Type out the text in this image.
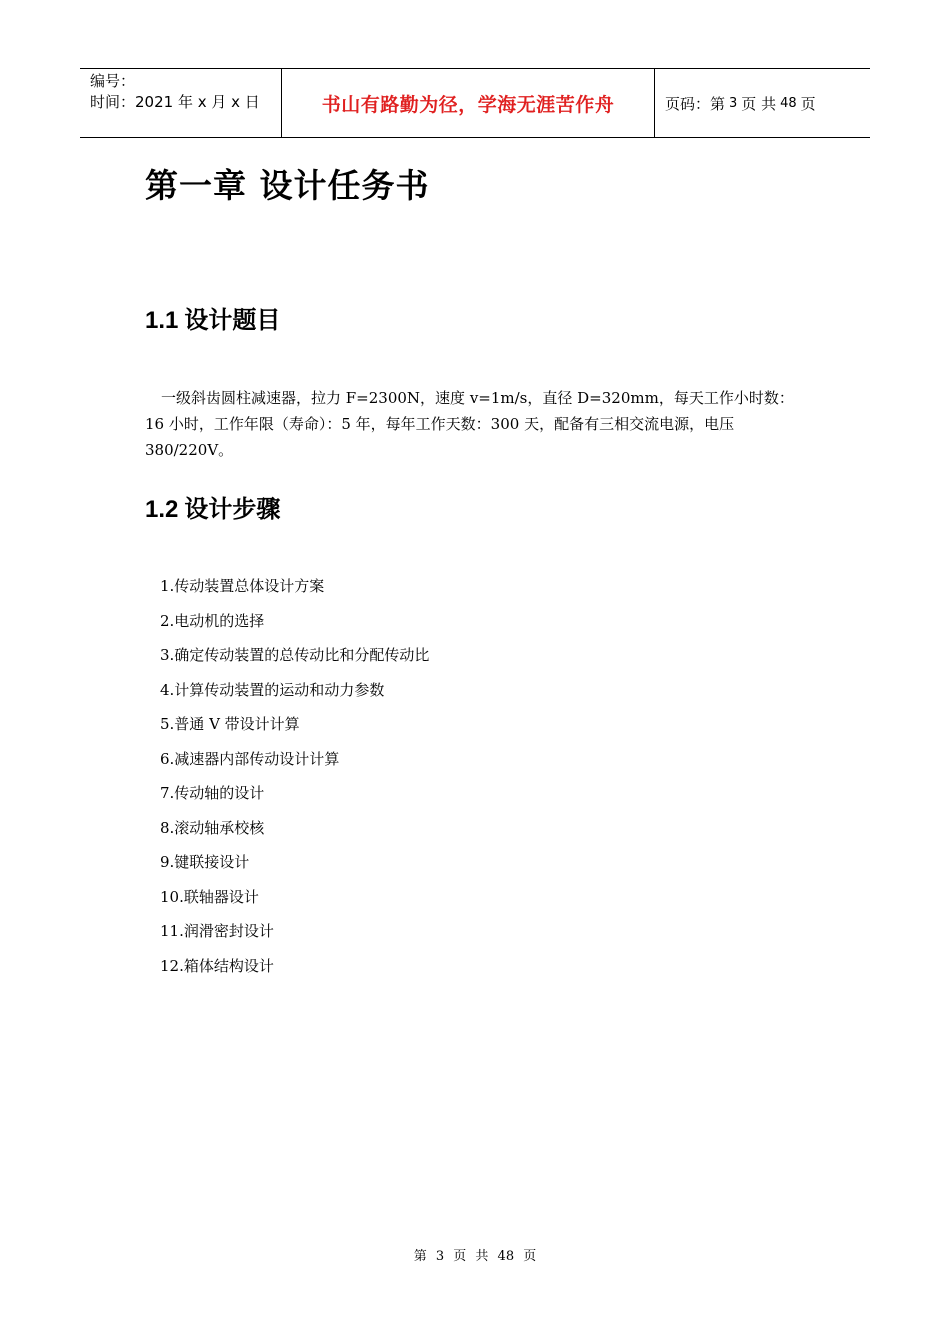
编号：
时间：2021 年 x 月 x 日	书山有路勤为径，学海无涯苦作舟	页码：第 3 页 共 48 页
第一章 设计任务书
1.1 设计题目

一级斜齿圆柱减速器，拉力 F=2300N，速度 v=1m/s，直径 D=320mm，每天工作小时数：16 小时，工作年限（寿命）：5 年，每年工作天数：300 天，配备有三相交流电源，电压 380/220V。

1.2 设计步骤
1.传动装置总体设计方案
2.电动机的选择
3.确定传动装置的总传动比和分配传动比
4.计算传动装置的运动和动力参数
5.普通 V 带设计计算
6.减速器内部传动设计计算
7.传动轴的设计
8.滚动轴承校核
9.键联接设计
10.联轴器设计
11.润滑密封设计
12.箱体结构设计
第 3 页 共 48 页
